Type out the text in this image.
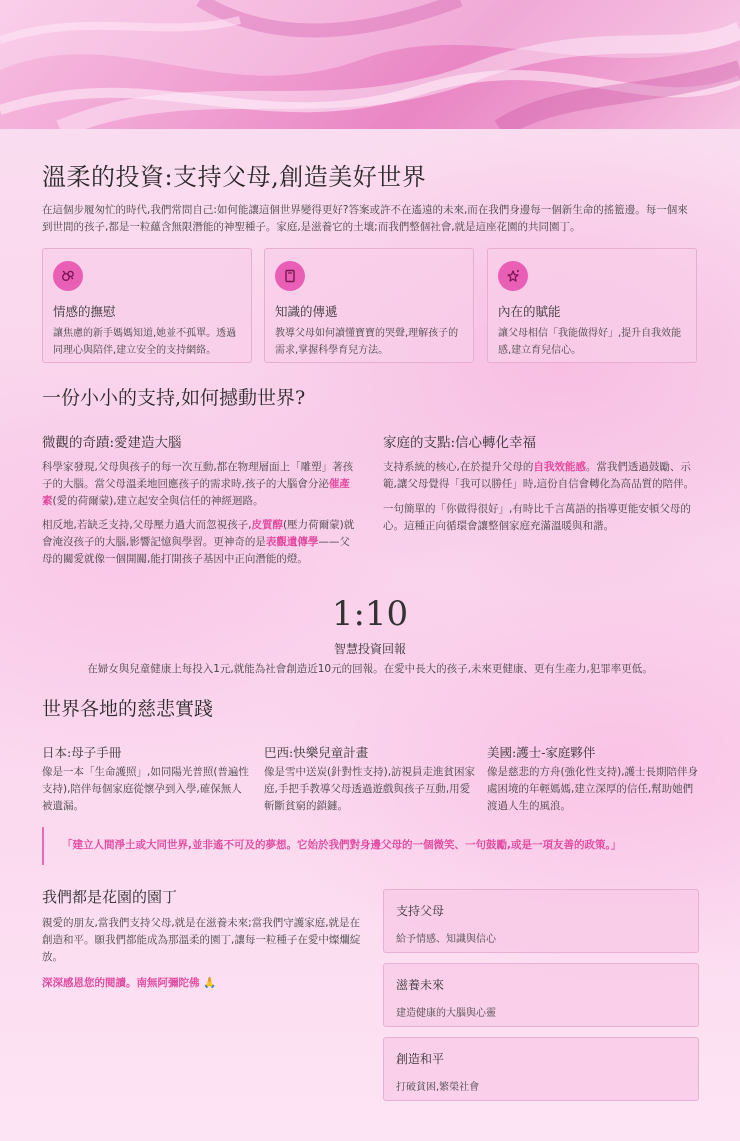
溫柔的投資:支持父母,創造美好世界

在這個步履匆忙的時代,我們常問自己:如何能讓這個世界變得更好?答案或許不在遙遠的未來,而在我們身邊每一個新生命的搖籃邊。每一個來到世間的孩子,都是一粒蘊含無限潛能的神聖種子。家庭,是滋養它的土壤;而我們整個社會,就是這座花園的共同園丁。

情感的撫慰

讓焦慮的新手媽媽知道,她並不孤單。透過同理心與陪伴,建立安全的支持網絡。

知識的傳遞

教導父母如何讀懂寶寶的哭聲,理解孩子的需求,掌握科學育兒方法。

內在的賦能

讓父母相信「我能做得好」,提升自我效能感,建立育兒信心。

一份小小的支持,如何撼動世界?
微觀的奇蹟:愛建造大腦

科學家發現,父母與孩子的每一次互動,都在物理層面上「雕塑」著孩子的大腦。當父母溫柔地回應孩子的需求時,孩子的大腦會分泌催產素(愛的荷爾蒙),建立起安全與信任的神經迴路。

相反地,若缺乏支持,父母壓力過大而忽視孩子,皮質醇(壓力荷爾蒙)就會淹沒孩子的大腦,影響記憶與學習。更神奇的是表觀遺傳學——父母的關愛就像一個開關,能打開孩子基因中正向潛能的燈。

家庭的支點:信心轉化幸福

支持系統的核心,在於提升父母的自我效能感。當我們透過鼓勵、示範,讓父母覺得「我可以勝任」時,這份自信會轉化為高品質的陪伴。

一句簡單的「你做得很好」,有時比千言萬語的指導更能安頓父母的心。這種正向循環會讓整個家庭充滿溫暖與和諧。

1:10
智慧投資回報
在婦女與兒童健康上每投入1元,就能為社會創造近10元的回報。在愛中長大的孩子,未來更健康、更有生產力,犯罪率更低。
世界各地的慈悲實踐
日本:母子手冊

像是一本「生命護照」,如同陽光普照(普遍性支持),陪伴每個家庭從懷孕到入學,確保無人被遺漏。

巴西:快樂兒童計畫

像是雪中送炭(針對性支持),訪視員走進貧困家庭,手把手教導父母透過遊戲與孩子互動,用愛斬斷貧窮的鎖鏈。

美國:護士-家庭夥伴

像是慈悲的方舟(強化性支持),護士長期陪伴身處困境的年輕媽媽,建立深厚的信任,幫助她們渡過人生的風浪。

「建立人間淨土或大同世界,並非遙不可及的夢想。它始於我們對身邊父母的一個微笑、一句鼓勵,或是一項友善的政策。」
我們都是花園的園丁

親愛的朋友,當我們支持父母,就是在滋養未來;當我們守護家庭,就是在創造和平。願我們都能成為那溫柔的園丁,讓每一粒種子在愛中燦爛綻放。

深深感恩您的閱讀。南無阿彌陀佛 🙏

支持父母

給予情感、知識與信心

滋養未來

建造健康的大腦與心靈

創造和平

打破貧困,繁榮社會
